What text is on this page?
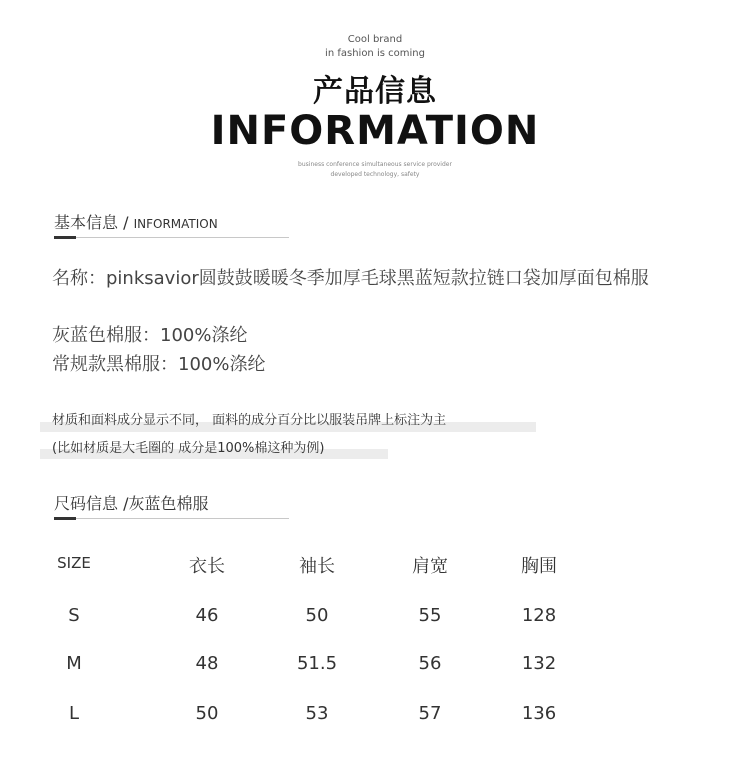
Cool brand
in fashion is coming
产品信息
INFORMATION
business conference simultaneous service provider
developed technology, safety
基本信息 / INFORMATION
名称：pinksavior圆鼓鼓暖暖冬季加厚毛球黑蓝短款拉链口袋加厚面包棉服
灰蓝色棉服：100%涤纶
常规款黑棉服：100%涤纶
材质和面料成分显示不同， 面料的成分百分比以服装吊牌上标注为主
(比如材质是大毛圈的 成分是100%棉这种为例)
尺码信息 /灰蓝色棉服
SIZE	衣长	袖长	肩宽	胸围
S	46	50	55	128
M	48	51.5	56	132
L	50	53	57	136
